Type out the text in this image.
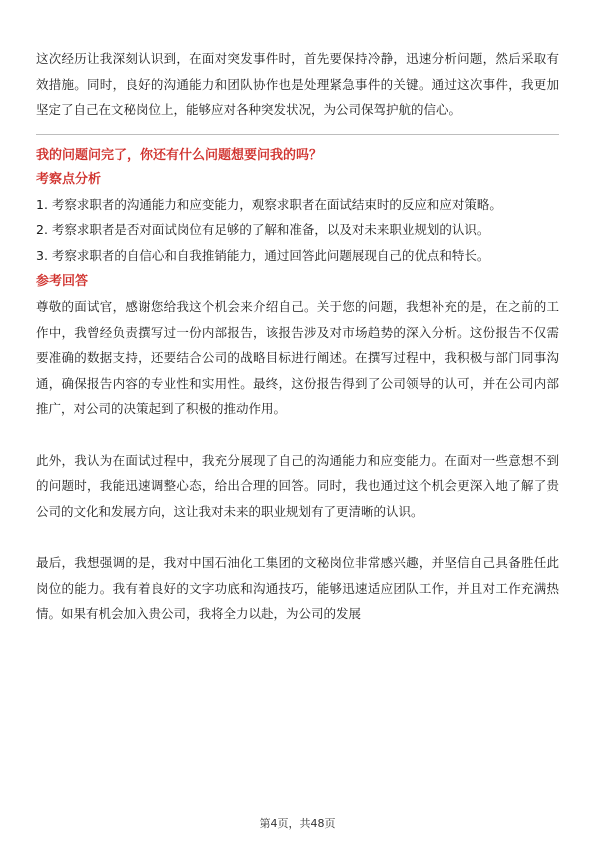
这次经历让我深刻认识到，在面对突发事件时，首先要保持冷静，迅速分析问题，然后采取有效措施。同时，良好的沟通能力和团队协作也是处理紧急事件的关键。通过这次事件，我更加坚定了自己在文秘岗位上，能够应对各种突发状况，为公司保驾护航的信心。

我的问题问完了，你还有什么问题想要问我的吗？

考察点分析

1. 考察求职者的沟通能力和应变能力，观察求职者在面试结束时的反应和应对策略。

2. 考察求职者是否对面试岗位有足够的了解和准备，以及对未来职业规划的认识。

3. 考察求职者的自信心和自我推销能力，通过回答此问题展现自己的优点和特长。

参考回答

尊敬的面试官，感谢您给我这个机会来介绍自己。关于您的问题，我想补充的是，在之前的工作中，我曾经负责撰写过一份内部报告，该报告涉及对市场趋势的深入分析。这份报告不仅需要准确的数据支持，还要结合公司的战略目标进行阐述。在撰写过程中，我积极与部门同事沟通，确保报告内容的专业性和实用性。最终，这份报告得到了公司领导的认可，并在公司内部推广，对公司的决策起到了积极的推动作用。

此外，我认为在面试过程中，我充分展现了自己的沟通能力和应变能力。在面对一些意想不到的问题时，我能迅速调整心态，给出合理的回答。同时，我也通过这个机会更深入地了解了贵公司的文化和发展方向，这让我对未来的职业规划有了更清晰的认识。

最后，我想强调的是，我对中国石油化工集团的文秘岗位非常感兴趣，并坚信自己具备胜任此岗位的能力。我有着良好的文字功底和沟通技巧，能够迅速适应团队工作，并且对工作充满热情。如果有机会加入贵公司，我将全力以赴，为公司的发展

第4页，共48页
